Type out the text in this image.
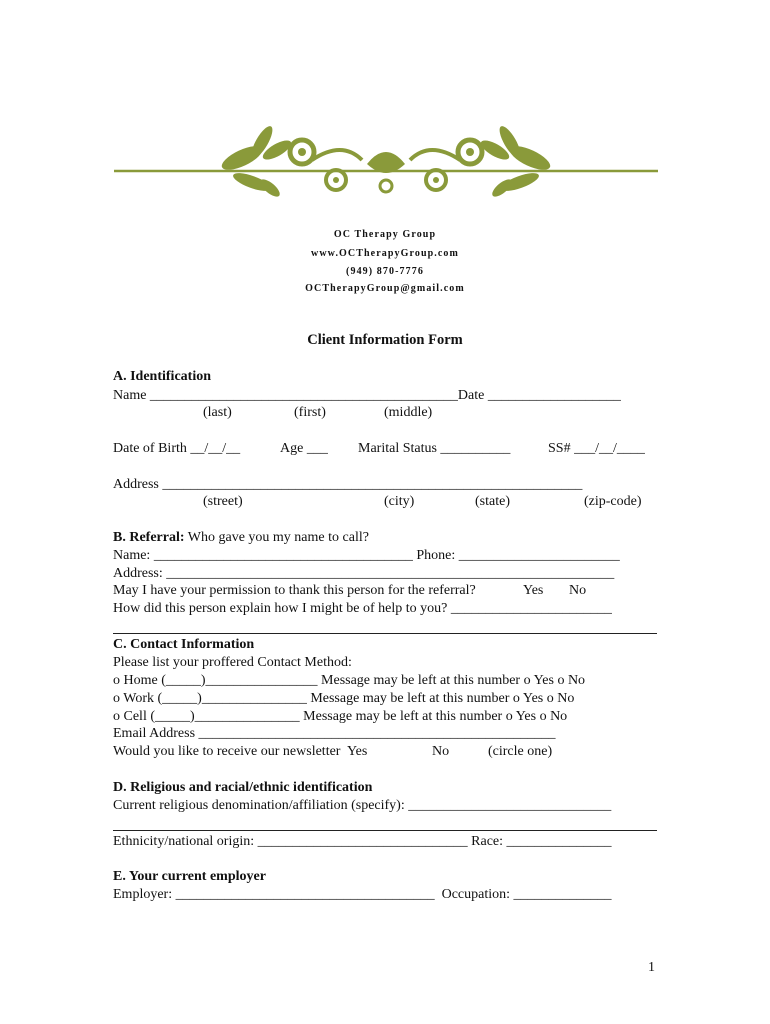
OC Therapy Group
www.OCTherapyGroup.com
(949) 870-7776
OCTherapyGroup@gmail.com
Client Information Form
A. Identification
Name ____________________________________________Date ___________________
(last)	(first)	(middle)
Date of Birth __/__/__	Age ___ Marital Status __________	SS# ___/__/____
Address ____________________________________________________________
(street)	(city)	(state)	(zip-code)
B. Referral: Who gave you my name to call?
Name: _____________________________________ Phone: _______________________
Address: ________________________________________________________________
May I have your permission to thank this person for the referral?	Yes No
How did this person explain how I might be of help to you? _______________________
C. Contact Information
Please list your proffered Contact Method:
o Home (_____)________________ Message may be left at this number o Yes o No
o Work (_____)_______________ Message may be left at this number o Yes o No
o Cell (_____)_______________ Message may be left at this number o Yes o No
Email Address ___________________________________________________
Would you like to receive our newsletter  Yes	No	(circle one)
D. Religious and racial/ethnic identification
Current religious denomination/affiliation (specify): _____________________________
Ethnicity/national origin: ______________________________ Race: _______________
E. Your current employer
Employer: _____________________________________  Occupation: ______________
1
